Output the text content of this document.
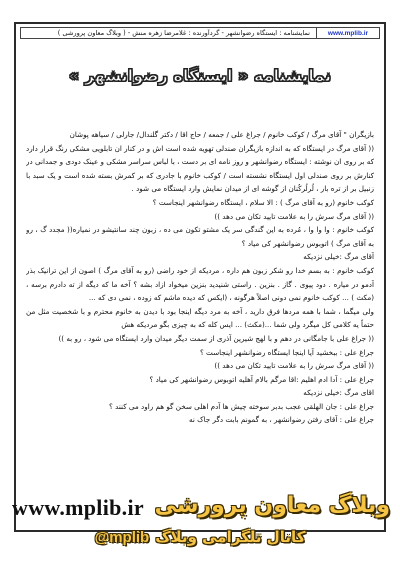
www.mplib.ir
نمایشنامه : ایستگاه رضوانشهر - گردآورنده : غلامرضا زهره منش - ( وبلاگ معاون پرورشی )
نمایشنامه « ایستگاه رضوانشهر »

بازیگران " آقای مرگ / کوکب خانوم / جراغ علی / جمعه / حاج اقا / دکتر گلندال/ جارلی / سیاهه پوشان

(( آقای مرگ در ایستگاه که به اندازه بازیگران صندلی تهویه شده است اش و در کنار ان تابلویی مشکی رنگ قرار دارد که بر روی ان نوشته : ایستگاه رضوانشهر و روز نامه ای بر دست ، با لباس سراسر مشکی و عینک دودی و جمدانی در کنارش بر روی صندلی اول ایستگاه نشسته است / کوکب خانوم با جادری که بر کمرش بسته شده است و یک سبد با زنبیل بر از تره بار ، لُرلُرکُنان از گوشه ای از میدان نمایش وارد ایستگاه می شود .

کوکب خانوم (رو به آقای مرگ ) : الا سلام ، ایستگاه رضوانشهر اینجاست ؟

(( آقای مرگ سرش را به علامت تایید تکان می دهد ))

کوکب خانوم : وا وا وا ، مُرده به این گندگی سر یک مشتو تکون می ده ، زبون چند سانتیشو در نمیاره(( مجدد گ ، رو به آقای مرگ ) اتوبوس رضوانشهر کی میاد ؟

آقای مرگ :خیلی نزدیکه

کوکب خانوم : به بسم خدا رو شکر زبون هم داره ، مردیکه از خود راضی (رو به آقای مرگ ) اصون از این ترانیک بذر آدمو در میاره . دود پیوی . گاز . بنزین . راستی شنیدید بنزین میخواد ازاد بشه ؟ آخه ما که دیگه از ته دادرم برسه ، (مکث ) ... کوکب خانوم نمی دونی اصلاً هرگونه ، (ایکس که دیده ماشم که زوده ، نمی دی که ...

ولی میگما ، شما با همه مردها فرق دارید ، آخه به مرد دیگه اینجا بود با دیدن به خانوم محترم و با شخصیت مثل من حتماً یه کلامی کل میگرد ولی شما ...(مکث) ... ایس کله که به چیزی بگو مردیکه هش

(( جراغ علی با جامگانی در دهم و با لهج شیرین آذری از سمت دیگر میدان وارد ایستگاه می شود ، رو به ))

جراغ علی : ببخشید آیا اینجا ایستگاه رضوانشهر اینجاست ؟

(( آقای مرگ سرش را به علامت تایید تکان می دهد ))

جراغ علی : آدا ادم اهلیم :اقا مرگم بالام آهلیه اتوبوس رضوانشهر کی میاد ؟

اقای مرگ :خیلی نزدیکه

جراغ علی : جان الهلقی عجب بدبر سوخته چیش ها آدم اهلی سخن گو هم راود می کنند ؟

جراغ علی : آقای رفتن رضوانشهر ، به گمونم بابت دگر جاک نه

www.mplib.ir وبلاگ معاون پرورشی
کانال تلگرامی وبلاگ@mplib
